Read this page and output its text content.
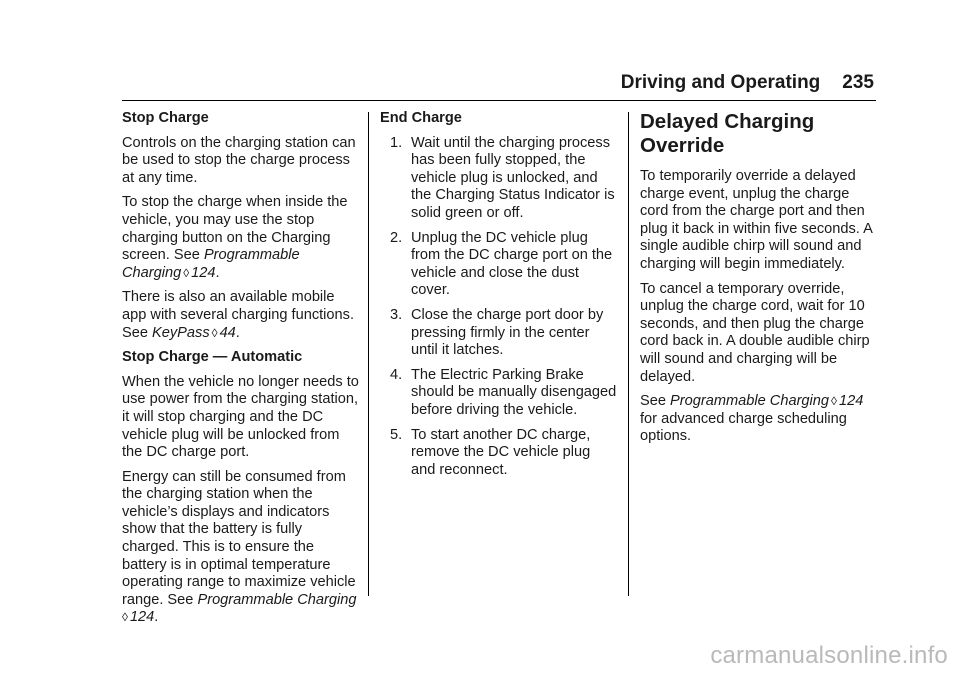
Driving and Operating 235
Stop Charge

Controls on the charging station can be used to stop the charge process at any time.

To stop the charge when inside the vehicle, you may use the stop charging button on the Charging screen. See Programmable Charging ◊ 124.

There is also an available mobile app with several charging functions. See KeyPass ◊ 44.

Stop Charge — Automatic

When the vehicle no longer needs to use power from the charging station, it will stop charging and the DC vehicle plug will be unlocked from the DC charge port.

Energy can still be consumed from the charging station when the vehicle’s displays and indicators show that the battery is fully charged. This is to ensure the battery is in optimal temperature operating range to maximize vehicle range. See Programmable Charging
◊ 124.

End Charge
1. Wait until the charging process has been fully stopped, the vehicle plug is unlocked, and the Charging Status Indicator is solid green or off.
2. Unplug the DC vehicle plug from the DC charge port on the vehicle and close the dust cover.
3. Close the charge port door by pressing firmly in the center until it latches.
4. The Electric Parking Brake should be manually disengaged before driving the vehicle.
5. To start another DC charge, remove the DC vehicle plug and reconnect.
Delayed Charging Override

To temporarily override a delayed charge event, unplug the charge cord from the charge port and then plug it back in within five seconds. A single audible chirp will sound and charging will begin immediately.

To cancel a temporary override, unplug the charge cord, wait for 10 seconds, and then plug the charge cord back in. A double audible chirp will sound and charging will be delayed.

See Programmable Charging ◊ 124
for advanced charge scheduling options.

carmanualsonline.info
